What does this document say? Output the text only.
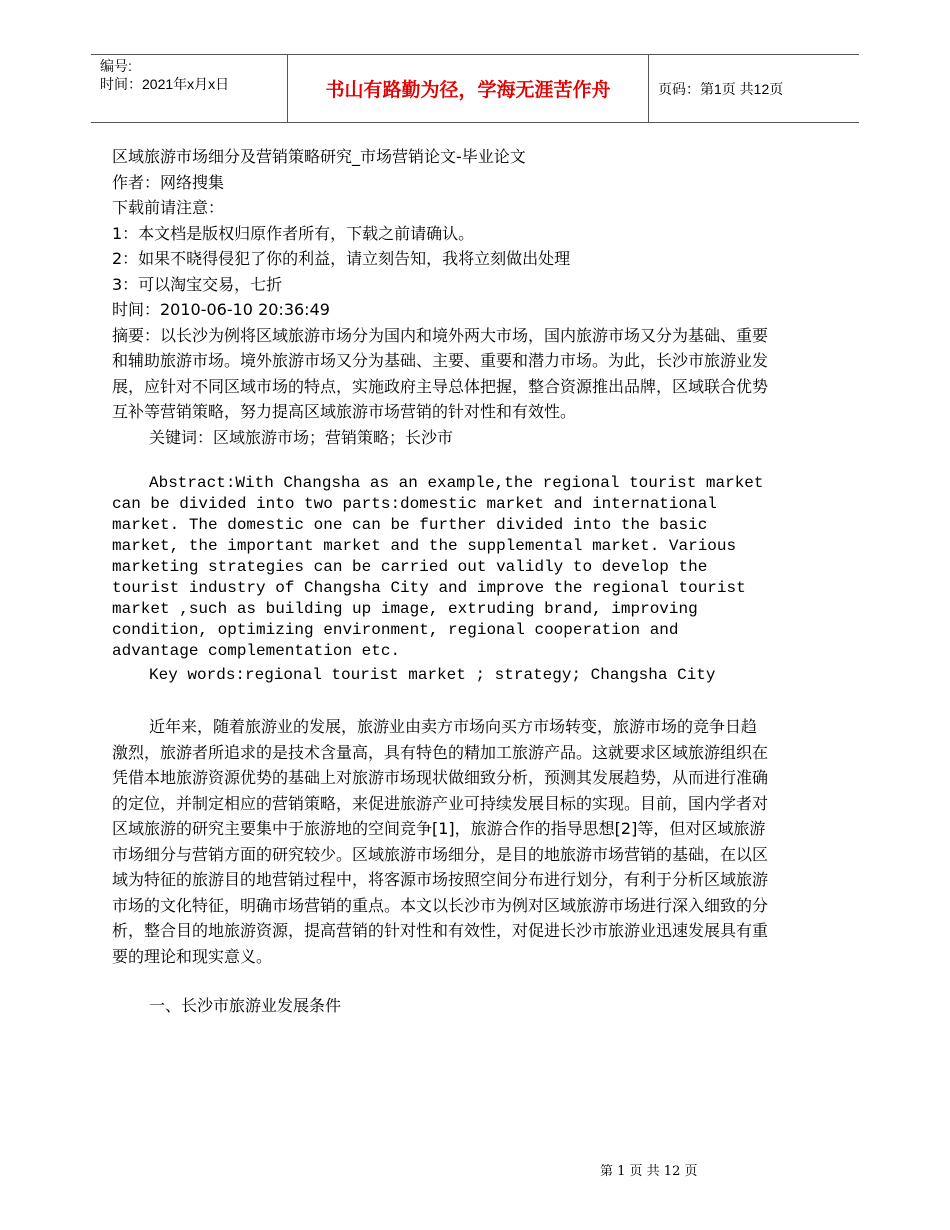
编号:
时间：2021年x月x日	书山有路勤为径，学海无涯苦作舟	页码：第1页 共12页

区域旅游市场细分及营销策略研究_市场营销论文-毕业论文

作者：网络搜集

下载前请注意：

1：本文档是版权归原作者所有，下载之前请确认。

2：如果不晓得侵犯了你的利益，请立刻告知，我将立刻做出处理

3：可以淘宝交易，七折

时间：2010-06-10 20:36:49

摘要：以长沙为例将区域旅游市场分为国内和境外两大市场，国内旅游市场又分为基础、重要和辅助旅游市场。境外旅游市场又分为基础、主要、重要和潜力市场。为此，长沙市旅游业发展，应针对不同区域市场的特点，实施政府主导总体把握，整合资源推出品牌，区域联合优势互补等营销策略，努力提高区域旅游市场营销的针对性和有效性。

关键词：区域旅游市场；营销策略；长沙市

Abstract:With Changsha as an example,the regional tourist market can be divided into two parts:domestic market and international market. The domestic one can be further divided into the basic market, the important market and the supplemental market. Various marketing strategies can be carried out validly to develop the tourist industry of Changsha City and improve the regional tourist market ,such as building up image, extruding brand, improving condition, optimizing environment, regional cooperation and advantage complementation etc.

Key words:regional tourist market ; strategy; Changsha City

近年来，随着旅游业的发展，旅游业由卖方市场向买方市场转变，旅游市场的竞争日趋激烈，旅游者所追求的是技术含量高，具有特色的精加工旅游产品。这就要求区域旅游组织在凭借本地旅游资源优势的基础上对旅游市场现状做细致分析，预测其发展趋势，从而进行准确的定位，并制定相应的营销策略，来促进旅游产业可持续发展目标的实现。目前，国内学者对区域旅游的研究主要集中于旅游地的空间竞争[1]，旅游合作的指导思想[2]等，但对区域旅游市场细分与营销方面的研究较少。区域旅游市场细分，是目的地旅游市场营销的基础，在以区域为特征的旅游目的地营销过程中，将客源市场按照空间分布进行划分，有利于分析区域旅游市场的文化特征，明确市场营销的重点。本文以长沙市为例对区域旅游市场进行深入细致的分析，整合目的地旅游资源，提高营销的针对性和有效性，对促进长沙市旅游业迅速发展具有重要的理论和现实意义。

一、长沙市旅游业发展条件

第 1 页 共 12 页
